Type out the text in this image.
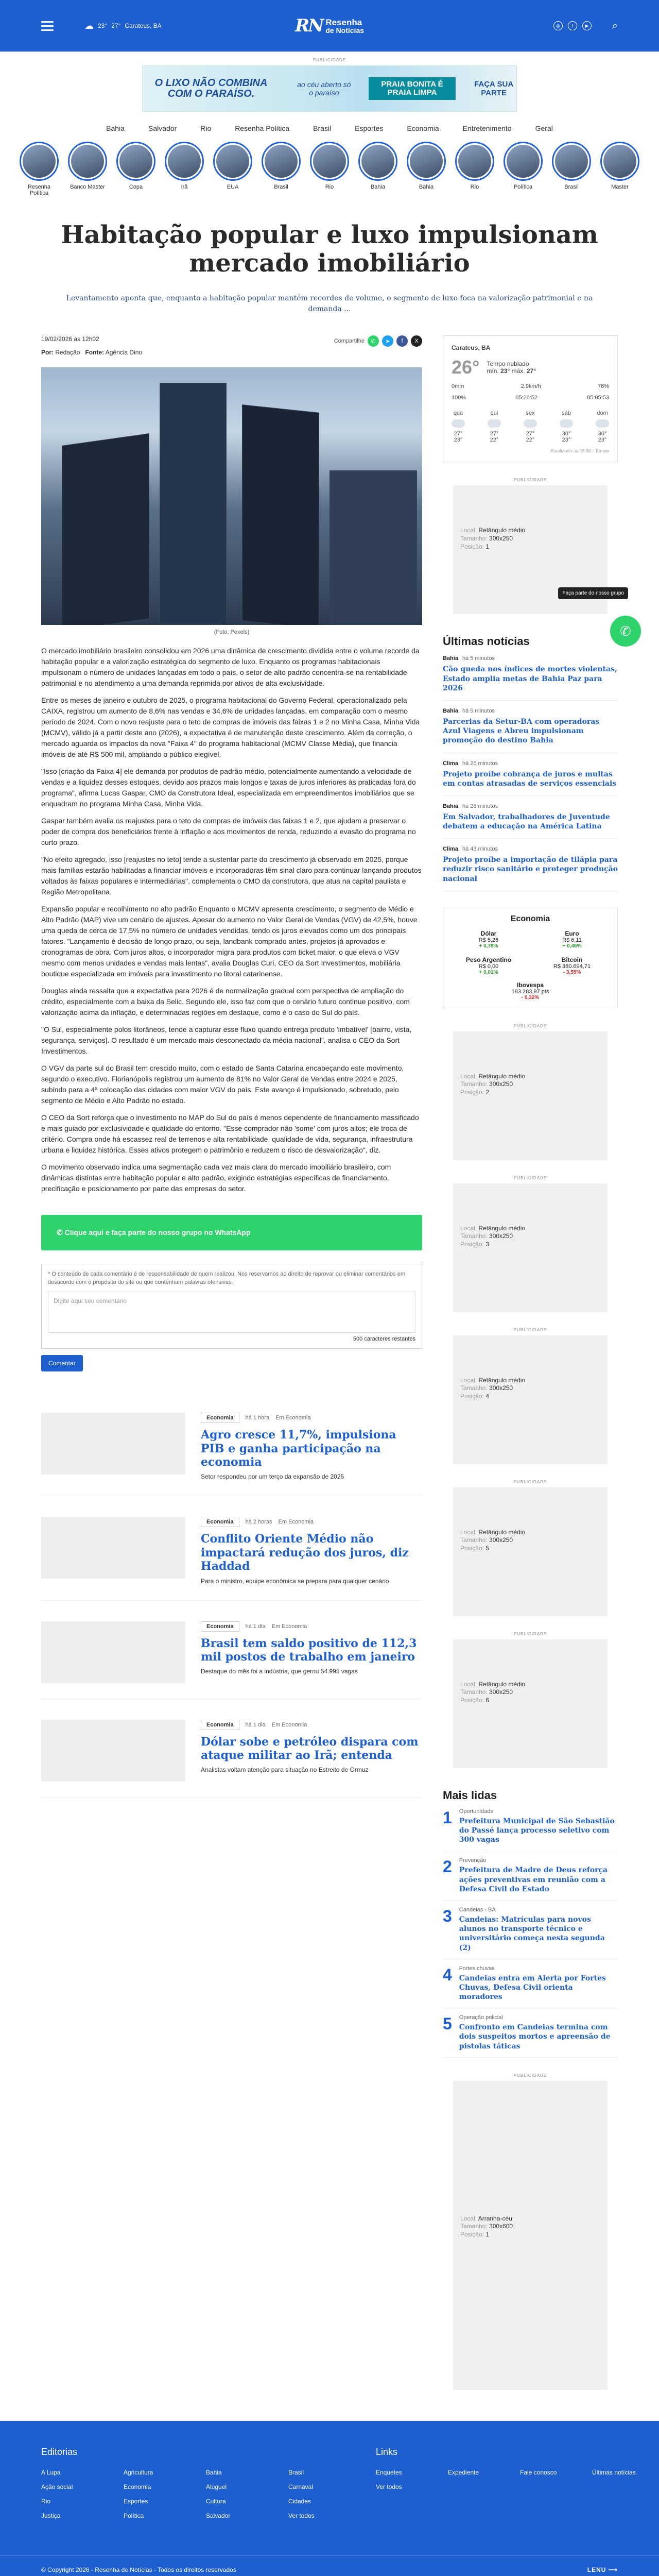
☁ 23° 27° Carateus, BA	RN Resenha
de Notícias
◎	f	▶ ⌕
PUBLICIDADE
O LIXO NÃO COMBINA COM O PARAÍSO.
ao céu aberto só o paraíso
PRAIA BONITA É PRAIA LIMPA
FAÇA SUA PARTE
Bahia	Salvador	Rio	Resenha Política	Brasil	Esportes	Economia	Entretenimento	Geral
Resenha Política
Banco Master	Copa	Irã	EUA	Brasil	Rio	Bahia	Bahia	Rio	Política	Brasil	Master
Habitação popular e luxo impulsionam mercado imobiliário

Levantamento aponta que, enquanto a habitação popular mantém recordes de volume, o segmento de luxo foca na valorização patrimonial e na demanda ...

19/02/2026 às 12h02
Por: Redação Fonte: Agência Dino
Compartilhe	✆	➤	f	X
(Foto: Pexels)

O mercado imobiliário brasileiro consolidou em 2026 uma dinâmica de crescimento dividida entre o volume recorde da habitação popular e a valorização estratégica do segmento de luxo. Enquanto os programas habitacionais impulsionam o número de unidades lançadas em todo o país, o setor de alto padrão concentra-se na rentabilidade patrimonial e no atendimento a uma demanda reprimida por ativos de alta exclusividade.

Entre os meses de janeiro e outubro de 2025, o programa habitacional do Governo Federal, operacionalizado pela CAIXA, registrou um aumento de 8,6% nas vendas e 34,6% de unidades lançadas, em comparação com o mesmo período de 2024. Com o novo reajuste para o teto de compras de imóveis das faixas 1 e 2 no Minha Casa, Minha Vida (MCMV), válido já a partir deste ano (2026), a expectativa é de manutenção deste crescimento. Além da correção, o mercado aguarda os impactos da nova "Faixa 4" do programa habitacional (MCMV Classe Média), que financia imóveis de até R$ 500 mil, ampliando o público elegível.

"Isso [criação da Faixa 4] ele demanda por produtos de padrão médio, potencialmente aumentando a velocidade de vendas e a liquidez desses estoques, devido aos prazos mais longos e taxas de juros inferiores às praticadas fora do programa", afirma Lucas Gaspar, CMO da Construtora Ideal, especializada em empreendimentos imobiliários que se enquadram no programa Minha Casa, Minha Vida.

Gaspar também avalia os reajustes para o teto de compras de imóveis das faixas 1 e 2, que ajudam a preservar o poder de compra dos beneficiários frente à inflação e aos movimentos de renda, reduzindo a evasão do programa no curto prazo.

"No efeito agregado, isso [reajustes no teto] tende a sustentar parte do crescimento já observado em 2025, porque mais famílias estarão habilitadas a financiar imóveis e incorporadoras têm sinal claro para continuar lançando produtos voltados às faixas populares e intermediárias", complementa o CMO da construtora, que atua na capital paulista e Região Metropolitana.

Expansão popular e recolhimento no alto padrão Enquanto o MCMV apresenta crescimento, o segmento de Médio e Alto Padrão (MAP) vive um cenário de ajustes. Apesar do aumento no Valor Geral de Vendas (VGV) de 42,5%, houve uma queda de cerca de 17,5% no número de unidades vendidas, tendo os juros elevados como um dos principais fatores. "Lançamento é decisão de longo prazo, ou seja, landbank comprado antes, projetos já aprovados e cronogramas de obra. Com juros altos, o incorporador migra para produtos com ticket maior, o que eleva o VGV mesmo com menos unidades e vendas mais lentas", avalia Douglas Curi, CEO da Sort Investimentos, mobiliária boutique especializada em imóveis para investimento no litoral catarinense.

Douglas ainda ressalta que a expectativa para 2026 é de normalização gradual com perspectiva de ampliação do crédito, especialmente com a baixa da Selic. Segundo ele, isso faz com que o cenário futuro continue positivo, com valorização acima da inflação, e determinadas regiões em destaque, como é o caso do Sul do país.

"O Sul, especialmente polos litorâneos, tende a capturar esse fluxo quando entrega produto 'imbatível' [bairro, vista, segurança, serviços]. O resultado é um mercado mais desconectado da média nacional", analisa o CEO da Sort Investimentos.

O VGV da parte sul do Brasil tem crescido muito, com o estado de Santa Catarina encabeçando este movimento, segundo o executivo. Florianópolis registrou um aumento de 81% no Valor Geral de Vendas entre 2024 e 2025, subindo para a 4ª colocação das cidades com maior VGV do país. Este avanço é impulsionado, sobretudo, pelo segmento de Médio e Alto Padrão no estado.

O CEO da Sort reforça que o investimento no MAP do Sul do país é menos dependente de financiamento massificado e mais guiado por exclusividade e qualidade do entorno. "Esse comprador não 'some' com juros altos; ele troca de critério. Compra onde há escassez real de terrenos e alta rentabilidade, qualidade de vida, segurança, infraestrutura urbana e liquidez histórica. Esses ativos protegem o patrimônio e reduzem o risco de desvalorização", diz.

O movimento observado indica uma segmentação cada vez mais clara do mercado imobiliário brasileiro, com dinâmicas distintas entre habitação popular e alto padrão, exigindo estratégias específicas de financiamento, precificação e posicionamento por parte das empresas do setor.

✆ Clique aqui e faça parte do nosso grupo no WhatsApp
* O conteúdo de cada comentário é de responsabilidade de quem realizou. Nos reservamos ao direito de reprovar ou eliminar comentários em desacordo com o propósito do site ou que contenham palavras ofensivas.
Digite aqui seu comentário
500 caracteres restantes
Comentar
Economia	há 1 hora Em Economia
Agro cresce 11,7%, impulsiona PIB e ganha participação na economia

Setor respondeu por um terço da expansão de 2025

Economia	há 2 horas Em Economia
Conflito Oriente Médio não impactará redução dos juros, diz Haddad

Para o ministro, equipe econômica se prepara para qualquer cenário

Economia	há 1 dia Em Economia
Brasil tem saldo positivo de 112,3 mil postos de trabalho em janeiro

Destaque do mês foi a indústria, que gerou 54.995 vagas

Economia	há 1 dia Em Economia
Dólar sobe e petróleo dispara com ataque militar ao Irã; entenda

Analistas voltam atenção para situação no Estreito de Ormuz

Carateus, BA
26° Tempo nublado
mín. 23° máx. 27°
0mm	2.9km/h	76%
100%	05:26:52	05:05:53
qua
27°
23°
qui
27°
22°
sex
27°
22°
sáb
30°
23°
dom
30°
23°
Atualizado às 16:30 · Tempo
PUBLICIDADE
Local: Retângulo médio
Tamanho: 300x250
Posição: 1
Últimas notícias
Bahia há 5 minutos
Cão queda nos índices de mortes violentas, Estado amplia metas de Bahia Paz para 2026
Bahia há 5 minutos
Parcerias da Setur-BA com operadoras Azul Viagens e Abreu impulsionam promoção do destino Bahia
Clima há 26 minutos
Projeto proíbe cobrança de juros e multas em contas atrasadas de serviços essenciais
Bahia há 28 minutos
Em Salvador, trabalhadores de Juventude debatem a educação na América Latina
Clima há 43 minutos
Projeto proíbe a importação de tilápia para reduzir risco sanitário e proteger produção nacional
Economia
Dólar
R$ 5,26
+ 0,79%
Euro
R$ 6,11
+ 0,46%
Peso Argentino
R$ 0,00
+ 0,01%
Bitcoin
R$ 380.694,71
- 3,55%
Ibovespa
183.283,97 pts
- 0,32%
PUBLICIDADE
Local: Retângulo médio
Tamanho: 300x250
Posição: 2
PUBLICIDADE
Local: Retângulo médio
Tamanho: 300x250
Posição: 3
PUBLICIDADE
Local: Retângulo médio
Tamanho: 300x250
Posição: 4
PUBLICIDADE
Local: Retângulo médio
Tamanho: 300x250
Posição: 5
PUBLICIDADE
Local: Retângulo médio
Tamanho: 300x250
Posição: 6
Mais lidas
1 Oportunidade
Prefeitura Municipal de São Sebastião do Passé lança processo seletivo com 300 vagas
2 Prevenção
Prefeitura de Madre de Deus reforça ações preventivas em reunião com a Defesa Civil do Estado
3 Candeias - BA
Candeias: Matrículas para novos alunos no transporte técnico e universitário começa nesta segunda (2)
4 Fortes chuvas
Candeias entra em Alerta por Fortes Chuvas, Defesa Civil orienta moradores
5 Operação policial
Confronto em Candeias termina com dois suspeitos mortos e apreensão de pistolas táticas
PUBLICIDADE
Local: Arranha-céu
Tamanho: 300x600
Posição: 1
Faça parte do nosso grupo
✆
Editorias
A Lupa	Agricultura	Bahia	Brasil
Ação social	Economia	Aluguel	Carnaval
Rio	Esportes	Cultura	Cidades
Justiça	Política	Salvador	Ver todos
Links
Enquetes	Expediente	Fale conosco	Últimas notícias
Ver todos
© Copyright 2026 - Resenha de Notícias - Todos os direitos reservados	LENU ⟶
